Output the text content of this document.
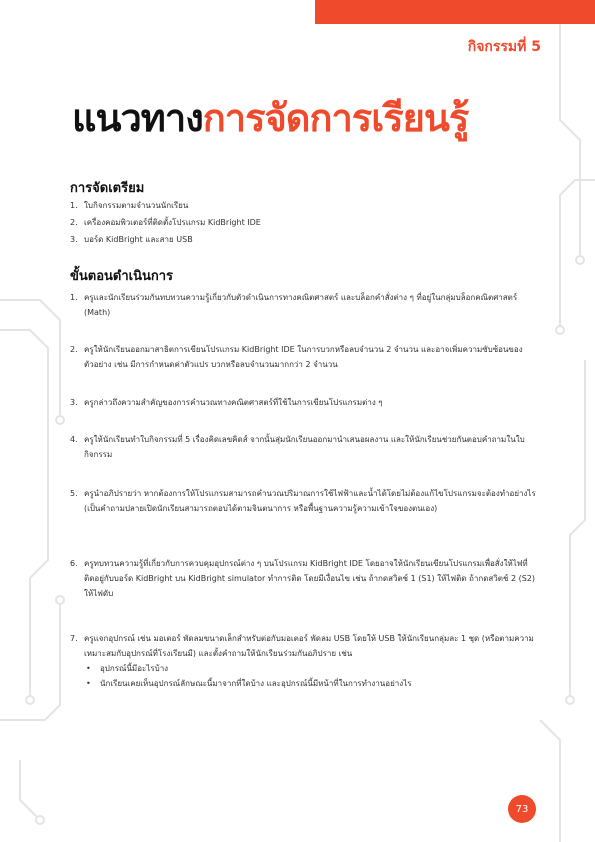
กิจกรรมที่ 5
แนวทางการจัดการเรียนรู้
การจัดเตรียม
1. ใบกิจกรรมตามจำนวนนักเรียน
2. เครื่องคอมพิวเตอร์ที่ติดตั้งโปรแกรม KidBright IDE
3. บอร์ด KidBright และสาย USB
ขั้นตอนดำเนินการ
1. ครูและนักเรียนร่วมกันทบทวนความรู้เกี่ยวกับตัวดำเนินการทางคณิตศาสตร์ และบล็อกคำสั่งต่าง ๆ ที่อยู่ในกลุ่มบล็อกคณิตศาสตร์ (Math)
2. ครูให้นักเรียนออกมาสาธิตการเขียนโปรแกรม KidBright IDE ในการบวกหรือลบจำนวน 2 จำนวน และอาจเพิ่มความซับซ้อนของตัวอย่าง เช่น มีการกำหนดค่าตัวแปร บวกหรือลบจำนวนมากกว่า 2 จำนวน
3. ครูกล่าวถึงความสำคัญของการคำนวณทางคณิตศาสตร์ที่ใช้ในการเขียนโปรแกรมต่าง ๆ
4. ครูให้นักเรียนทำใบกิจกรรมที่ 5 เรื่องคิดเลขคิดส์ จากนั้นสุ่มนักเรียนออกมานำเสนอผลงาน และให้นักเรียนช่วยกันตอบคำถามในใบกิจกรรม
5. ครูนำอภิปรายว่า หากต้องการให้โปรแกรมสามารถคำนวณปริมาณการใช้ไฟฟ้าและน้ำได้โดยไม่ต้องแก้ไขโปรแกรมจะต้องทำอย่างไร (เป็นคำถามปลายเปิดนักเรียนสามารถตอบได้ตามจินตนาการ หรือพื้นฐานความรู้ความเข้าใจของตนเอง)
6. ครูทบทวนความรู้ที่เกี่ยวกับการควบคุมอุปกรณ์ต่าง ๆ บนโปรแกรม KidBright IDE โดยอาจให้นักเรียนเขียนโปรแกรมเพื่อสั่งให้ไฟที่ติดอยู่กับบอร์ด KidBright บน KidBright simulator ทำการติด โดยมีเงื่อนไข เช่น ถ้ากดสวิตช์ 1 (S1) ให้ไฟติด ถ้ากดสวิตช์ 2 (S2) ให้ไฟดับ
7. ครูแจกอุปกรณ์ เช่น มอเตอร์ พัดลมขนาดเล็กสำหรับต่อกับมอเตอร์ พัดลม USB โดยให้ USB ให้นักเรียนกลุ่มละ 1 ชุด (หรือตามความเหมาะสมกับอุปกรณ์ที่โรงเรียนมี) และตั้งคำถามให้นักเรียนร่วมกันอภิปราย เช่น
•	อุปกรณ์นี้มีอะไรบ้าง
•	นักเรียนเคยเห็นอุปกรณ์ลักษณะนี้มาจากที่ใดบ้าง และอุปกรณ์นี้มีหน้าที่ในการทำงานอย่างไร
73
